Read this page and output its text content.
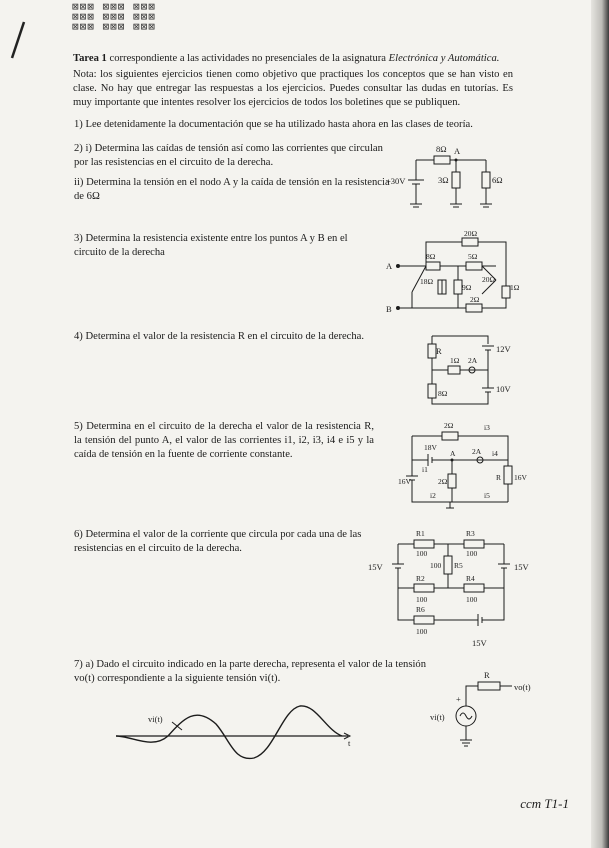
⊠⊠⊠ ⊠⊠⊠ ⊠⊠⊠
⊠⊠⊠ ⊠⊠⊠ ⊠⊠⊠
⊠⊠⊠ ⊠⊠⊠ ⊠⊠⊠
Tarea 1 correspondiente a las actividades no presenciales de la asignatura Electrónica y Automática.
Nota: los siguientes ejercicios tienen como objetivo que practiques los conceptos que se han visto en clase. No hay que entregar las respuestas a los ejercicios. Puedes consultar las dudas en tutorías. Es muy importante que intentes resolver los ejercicios de todos los boletines que se publiquen.
1) Lee detenidamente la documentación que se ha utilizado hasta ahora en las clases de teoría.
2) i) Determina las caídas de tensión así como las corrientes que circulan por las resistencias en el circuito de la derecha.
ii) Determina la tensión en el nodo A y la caída de tensión en la resistencia de 6Ω
8Ω A
3Ω	6Ω
+30V
3) Determina la resistencia existente entre los puntos A y B en el circuito de la derecha
A
B
20Ω
8Ω	5Ω
18Ω
9Ω
20Ω
1Ω
2Ω
4) Determina el valor de la resistencia R en el circuito de la derecha.
R	12V
1Ω 2A
8Ω	10V
5) Determina en el circuito de la derecha el valor de la resistencia R, la tensión del punto A, el valor de las corrientes i1, i2, i3, i4 e i5 y la caída de tensión en la fuente de corriente constante.
2Ω	i3
18V
A 2A i4
16V	2Ω	R 16V
i1
i2	i5
6) Determina el valor de la corriente que circula por cada una de las resistencias en el circuito de la derecha.
R1
100
R3
100
15V	100 R5	15V
R2
100
R4
100
R6
100
15V
7) a) Dado el circuito indicado en la parte derecha, representa el valor de la tensión vo(t) correspondiente a la siguiente tensión vi(t).	R
vo(t)
vi(t)
+
vi(t)
t
ccm T1-1
